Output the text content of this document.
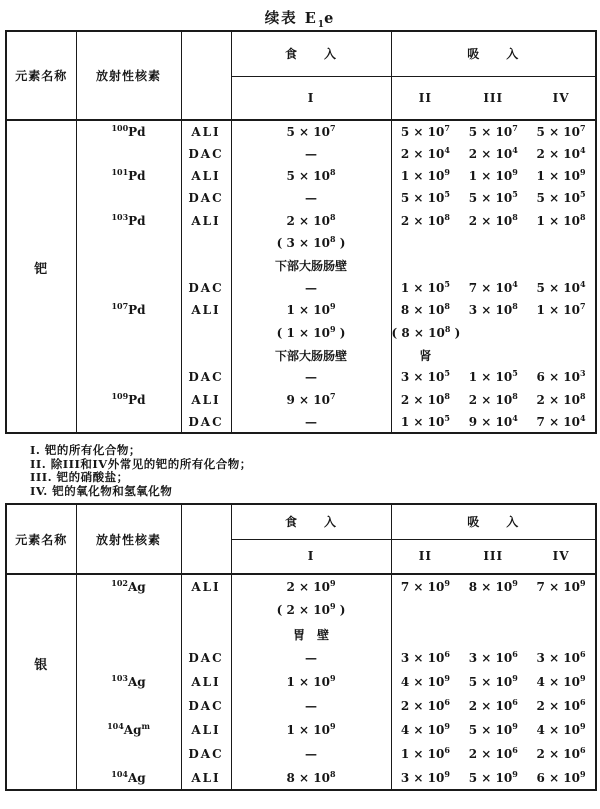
续表 $E_1e$
元素名称	放射性核素		食　　入	吸　　入
			I	II III IV

钯	$^{100}$Pd	ALI	$5 \times 10^7$	$5 \times 10^7$ $5 \times 10^7$ $5 \times 10^7$

		DAC	—	$2 \times 10^4$ $2 \times 10^4$ $2 \times 10^4$

	$^{101}$Pd	ALI	$5 \times 10^8$	$1 \times 10^9$ $1 \times 10^9$ $1 \times 10^9$

		DAC	—	$5 \times 10^5$ $5 \times 10^5$ $5 \times 10^5$

	$^{103}$Pd	ALI	$2 \times 10^8$	$2 \times 10^8$ $2 \times 10^8$ $1 \times 10^8$

			( $3 \times 10^8$ )	

			下部大肠肠壁	

		DAC	—	$1 \times 10^5$ $7 \times 10^4$ $5 \times 10^4$

	$^{107}$Pd	ALI	$1 \times 10^9$	$8 \times 10^8$ $3 \times 10^8$ $1 \times 10^7$

			( $1 \times 10^9$ )	( $8 \times 10^8$ )

			下部大肠肠壁	肾

		DAC	—	$3 \times 10^5$ $1 \times 10^5$ $6 \times 10^3$

	$^{109}$Pd	ALI	$9 \times 10^7$	$2 \times 10^8$ $2 \times 10^8$ $2 \times 10^8$

		DAC	—	$1 \times 10^5$ $9 \times 10^4$ $7 \times 10^4$
I. 钯的所有化合物；
II. 除III和IV外常见的钯的所有化合物；
III. 钯的硝酸盐；
IV. 钯的氧化物和氢氧化物
元素名称	放射性核素		食　　入	吸　　入
			I	II III IV

银	$^{102}$Ag	ALI	$2 \times 10^9$	$7 \times 10^9$ $8 \times 10^9$ $7 \times 10^9$

			( $2 \times 10^9$ )	

			胃　壁	

		DAC	—	$3 \times 10^6$ $3 \times 10^6$ $3 \times 10^6$

	$^{103}$Ag	ALI	$1 \times 10^9$	$4 \times 10^9$ $5 \times 10^9$ $4 \times 10^9$

		DAC	—	$2 \times 10^6$ $2 \times 10^6$ $2 \times 10^6$

	$^{104}$Ag$^m$	ALI	$1 \times 10^9$	$4 \times 10^9$ $5 \times 10^9$ $4 \times 10^9$

		DAC	—	$1 \times 10^6$ $2 \times 10^6$ $2 \times 10^6$

	$^{104}$Ag	ALI	$8 \times 10^8$	$3 \times 10^9$ $5 \times 10^9$ $6 \times 10^9$
